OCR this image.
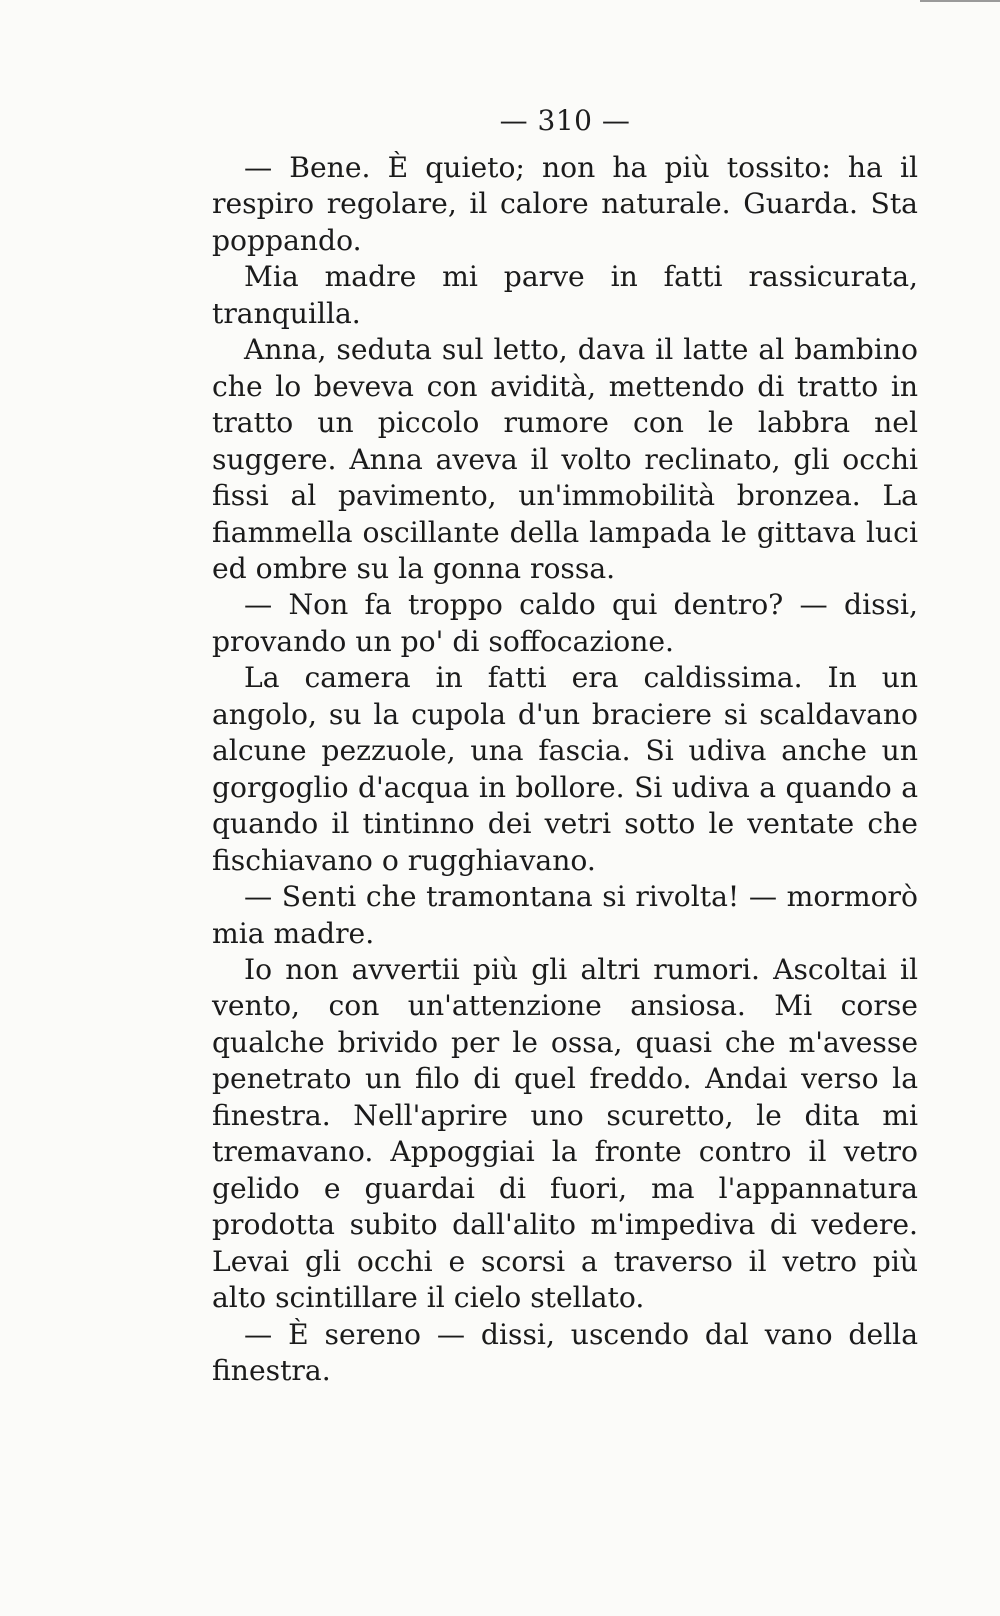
— 310 —

— Bene. È quieto; non ha più tossito: ha il respiro regolare, il calore naturale. Guarda. Sta poppando.

Mia madre mi parve in fatti rassicurata, tranquilla.

Anna, seduta sul letto, dava il latte al bambino che lo beveva con avidità, mettendo di tratto in tratto un piccolo rumore con le labbra nel suggere. Anna aveva il volto reclinato, gli occhi fissi al pavimento, un'immobilità bronzea. La fiammella oscillante della lampada le gittava luci ed ombre su la gonna rossa.

— Non fa troppo caldo qui dentro? — dissi, provando un po' di soffocazione.

La camera in fatti era caldissima. In un angolo, su la cupola d'un braciere si scaldavano alcune pezzuole, una fascia. Si udiva anche un gorgoglio d'acqua in bollore. Si udiva a quando a quando il tintinno dei vetri sotto le ventate che fischiavano o rugghiavano.

— Senti che tramontana si rivolta! — mormorò mia madre.

Io non avvertii più gli altri rumori. Ascoltai il vento, con un'attenzione ansiosa. Mi corse qualche brivido per le ossa, quasi che m'avesse penetrato un filo di quel freddo. Andai verso la finestra. Nell'aprire uno scuretto, le dita mi tremavano. Appoggiai la fronte contro il vetro gelido e guardai di fuori, ma l'appannatura prodotta subito dall'alito m'impediva di vedere. Levai gli occhi e scorsi a traverso il vetro più alto scintillare il cielo stellato.

— È sereno — dissi, uscendo dal vano della finestra.
